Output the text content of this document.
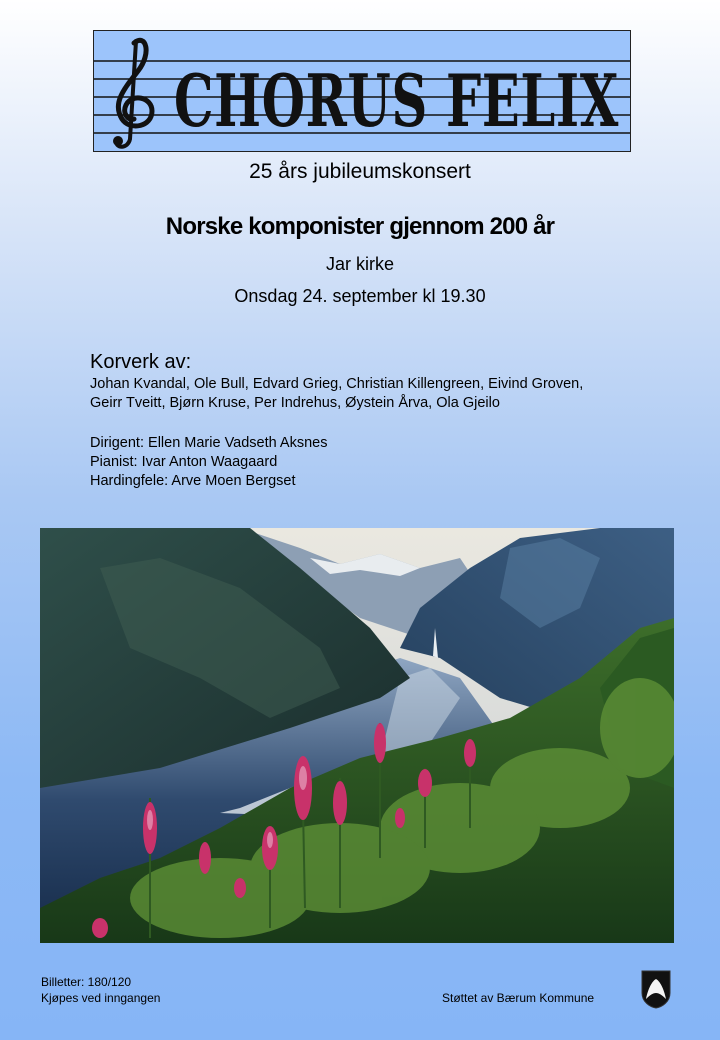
CHORUS FELIX
25 års jubileumskonsert
Norske komponister gjennom 200 år
Jar kirke
Onsdag 24. september kl 19.30
Korverk av:
Johan Kvandal, Ole Bull, Edvard Grieg, Christian Killengreen, Eivind Groven,
Geirr Tveitt, Bjørn Kruse, Per Indrehus, Øystein Årva, Ola Gjeilo
Dirigent: Ellen Marie Vadseth Aksnes
Pianist: Ivar Anton Waagaard
Hardingfele: Arve Moen Bergset
Billetter: 180/120
Kjøpes ved inngangen	Støttet av Bærum Kommune
